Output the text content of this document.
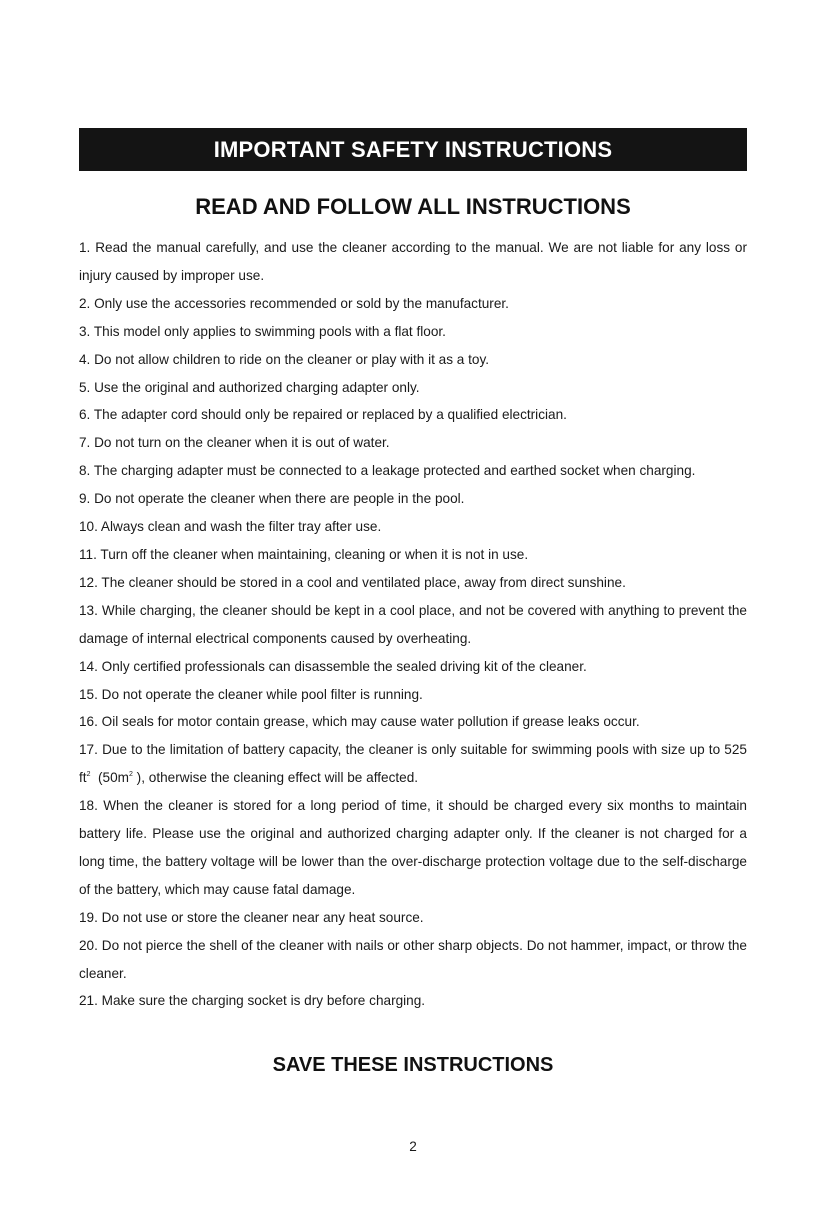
IMPORTANT SAFETY INSTRUCTIONS
READ AND FOLLOW ALL INSTRUCTIONS
1. Read the manual carefully, and use the cleaner according to the manual. We are not liable for any loss or injury caused by improper use.
2. Only use the accessories recommended or sold by the manufacturer.
3. This model only applies to swimming pools with a flat floor.
4. Do not allow children to ride on the cleaner or play with it as a toy.
5. Use the original and authorized charging adapter only.
6. The adapter cord should only be repaired or replaced by a qualified electrician.
7. Do not turn on the cleaner when it is out of water.
8. The charging adapter must be connected to a leakage protected and earthed socket when charging.
9. Do not operate the cleaner when there are people in the pool.
10. Always clean and wash the filter tray after use.
11. Turn off the cleaner when maintaining, cleaning or when it is not in use.
12. The cleaner should be stored in a cool and ventilated place, away from direct sunshine.
13. While charging, the cleaner should be kept in a cool place, and not be covered with anything to prevent the damage of internal electrical components caused by overheating.
14. Only certified professionals can disassemble the sealed driving kit of the cleaner.
15. Do not operate the cleaner while pool filter is running.
16. Oil seals for motor contain grease, which may cause water pollution if grease leaks occur.
17. Due to the limitation of battery capacity, the cleaner is only suitable for swimming pools with size up to 525 $ft^2$  ($50m^2$ ), otherwise the cleaning effect will be affected.
18. When the cleaner is stored for a long period of time, it should be charged every six months to maintain battery life. Please use the original and authorized charging adapter only. If the cleaner is not charged for a long time, the battery voltage will be lower than the over-discharge protection voltage due to the self-discharge of the battery, which may cause fatal damage.
19. Do not use or store the cleaner near any heat source.
20. Do not pierce the shell of the cleaner with nails or other sharp objects. Do not hammer, impact, or throw the cleaner.
21. Make sure the charging socket is dry before charging.
SAVE THESE INSTRUCTIONS
2
